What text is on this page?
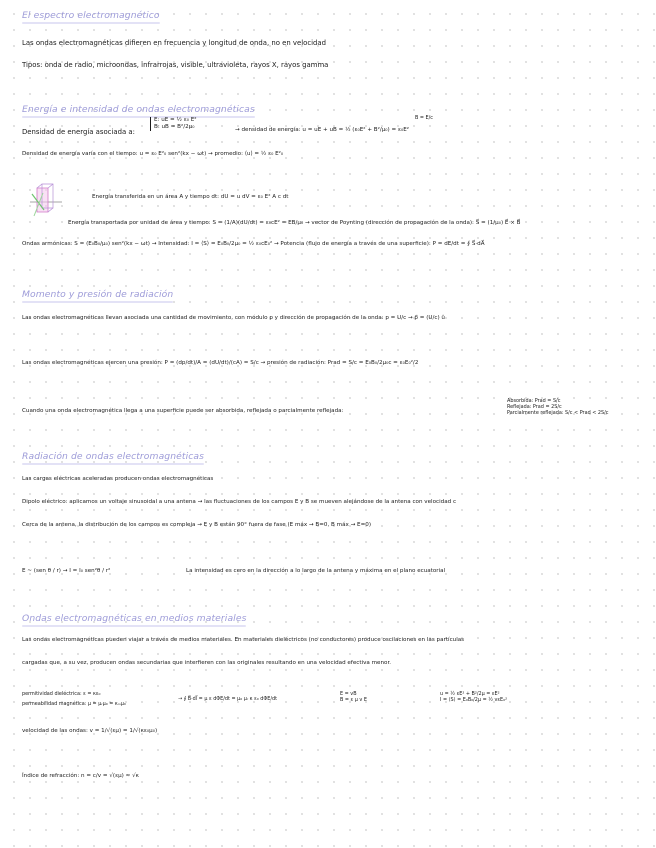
El espectro electromagnético
Las ondas electromagnéticas difieren en frecuencia y longitud de onda, no en velocidad
Tipos: onda de radio, microondas, infrarrojas, visible, ultravioleta, rayos X, rayos gamma
Energía e intensidad de ondas electromagnéticas
Densidad de energía asociada a:
E: uE = ½ ε₀ E²
B: uB = B²/2μ₀	→ densidad de energía: u = uE + uB = ½ (ε₀E² + B²/μ₀) = ε₀E²
B = E/c
Densidad de energía varía con el tiempo: u = ε₀ E²₀ sen²(kx − ωt) → promedio: ⟨u⟩ = ½ ε₀ E²₀
Energía transferida en un área A y tiempo dt: dU = u dV = ε₀ E² A c dt
Energía transportada por unidad de área y tiempo: S = (1/A)(dU/dt) = ε₀cE² = EB/μ₀ → vector de Poynting (dirección de propagación de la onda): S⃗ = (1/μ₀) E⃗ × B⃗
Ondas armónicas: S = (E₀B₀/μ₀) sen²(kx − ωt) → Intensidad: I = ⟨S⟩ = E₀B₀/2μ₀ = ½ ε₀cE₀² → Potencia (flujo de energía a través de una superficie): P = dE/dt = ∮ S⃗·dA⃗
Momento y presión de radiación
Las ondas electromagnéticas llevan asociada una cantidad de movimiento, con módulo p y dirección de propagación de la onda: p = U/c → p⃗ = (U/c) û
Las ondas electromagnéticas ejercen una presión: P = (dp/dt)/A = (dU/dt)/(cA) = S/c → presión de radiación: Prad = S/c = E₀B₀/2μ₀c = ε₀E₀²/2
Cuando una onda electromagnética llega a una superficie puede ser absorbida, reflejada o parcialmente reflejada:
Absorbida: Prad = S/c
Reflejada: Prad = 2S/c
Parcialmente reflejada: S/c < Prad < 2S/c
Radiación de ondas electromagnéticas
Las cargas eléctricas aceleradas producen ondas electromagnéticas
Dipolo eléctrico: aplicamos un voltaje sinusoidal a una antena → las fluctuaciones de los campos E y B se mueven alejándose de la antena con velocidad c
Cerca de la antena, la distribución de los campos es compleja → E y B están 90° fuera de fase (E máx → B=0, B máx → E=0)
E ~ (sen θ / r) → I = I₀ sen²θ / r²	La intensidad es cero en la dirección a lo largo de la antena y máxima en el plano ecuatorial
Ondas electromagnéticas en medios materiales
Las ondas electromagnéticas pueden viajar a través de medios materiales. En materiales dieléctricos (no conductores) produce oscilaciones en las partículas
cargadas que, a su vez, producen ondas secundarias que interfieren con las originales resultando en una velocidad efectiva menor.
permitividad dieléctrica: ε = κε₀
permeabilidad magnética: μ = μᵣμ₀ = κₘμ₀
→ ∮ B⃗·dl⃗ = μ ε dΦE/dt = μ₀ μᵣ κ ε₀ dΦE/dt
E = vB
B = ε μ v E
u = ½ εE² + B²/2μ = εE²
I = ⟨S⟩ = E₀B₀/2μ = ½ vεE₀²
velocidad de las ondas: v = 1/√(εμ) = 1/√(κε₀μ₀)
Índice de refracción: n = c/v = √(εμ) ≈ √κ
